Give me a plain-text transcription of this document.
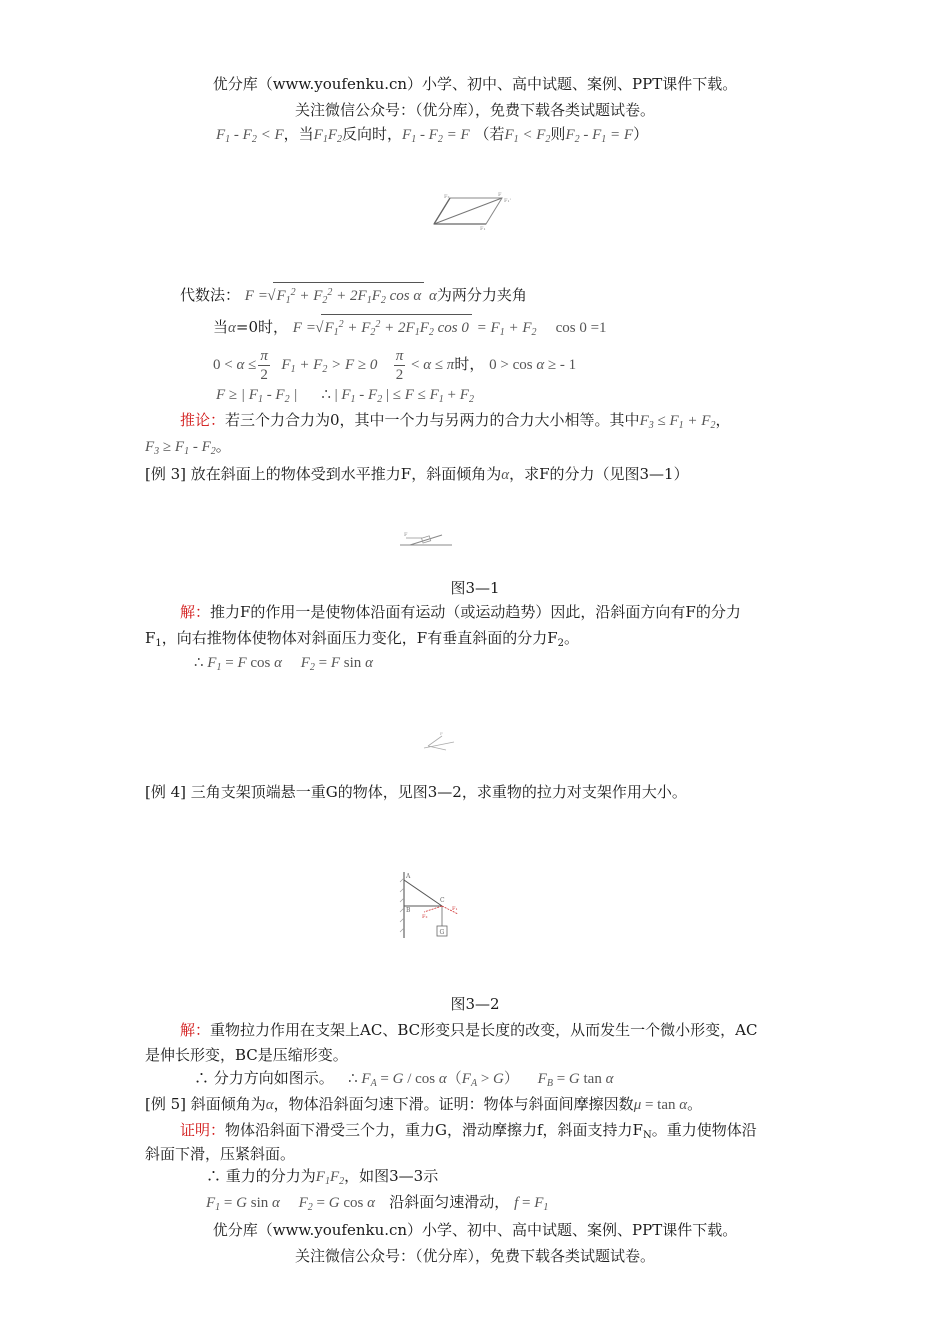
优分库（www.youfenku.cn）小学、初中、高中试题、案例、PPT课件下载。
关注微信公众号：（优分库），免费下载各类试题试卷。
$F_1 - F_2 < F$，当$F_1F_2$反向时，$F_1 - F_2 = F$ （若$F_1 < F_2$则$F_2 - F_1 = F$）
F₂	F
F₁'
F₁
代数法： $F =√F_1^2 + F_2^2 + 2F_1F_2$ cos α α为两分力夹角
当α=0时， $F =√F_1^2 + F_2^2 + 2F_1F_2$ $\cos 0 = F_1 + F_2$ cos 0 =1
$0 < \alpha \le \frac{\pi}{2} F_1 + F_2 > F \ge 0 \frac{\pi}{2} < \alpha \le \pi$时， 0 > cos α ≥ - 1
F ≥ | $F_1 - F_2$ | ∴ | $F_1 - F_2$ | ≤ $F \le F_1 + F_2$
推论：若三个力合力为0，其中一个力与另两力的合力大小相等。其中$F_3 \le F_1 + F_2$，
$F_3 \ge F_1 - F_2$。
[例 3] 放在斜面上的物体受到水平推力F，斜面倾角为α，求F的分力（见图3—1）
F
图3—1
解：推力F的作用一是使物体沿面有运动（或运动趋势）因此，沿斜面方向有F的分力
$F_1$，向右推物体使物体对斜面压力变化，F有垂直斜面的分力$F_2$。
∴ $F_1 = F$ cos α $F_2 = F$ sin α
F
[例 4] 三角支架顶端悬一重G的物体，见图3—2，求重物的拉力对支架作用大小。
A
B
C
G
F₁
F₂
图3—2
解：重物拉力作用在支架上AC、BC形变只是长度的改变，从而发生一个微小形变，AC
是伸长形变，BC是压缩形变。
∴ 分力方向如图示。 ∴ $F_A = G / \cos \alpha(F_A > G)$     $F_B = G$ tan α
[例 5] 斜面倾角为α，物体沿斜面匀速下滑。证明：物体与斜面间摩擦因数μ = tan α。
证明：物体沿斜面下滑受三个力，重力G，滑动摩擦力f，斜面支持力$F_N$。重力使物体沿
斜面下滑，压紧斜面。
∴ 重力的分力为$F_1F_2$，如图3—3示
$F_1 = G$ sin α $F_2 = G$ cos α 沿斜面匀速滑动， $f = F_1$
优分库（www.youfenku.cn）小学、初中、高中试题、案例、PPT课件下载。
关注微信公众号：（优分库），免费下载各类试题试卷。
